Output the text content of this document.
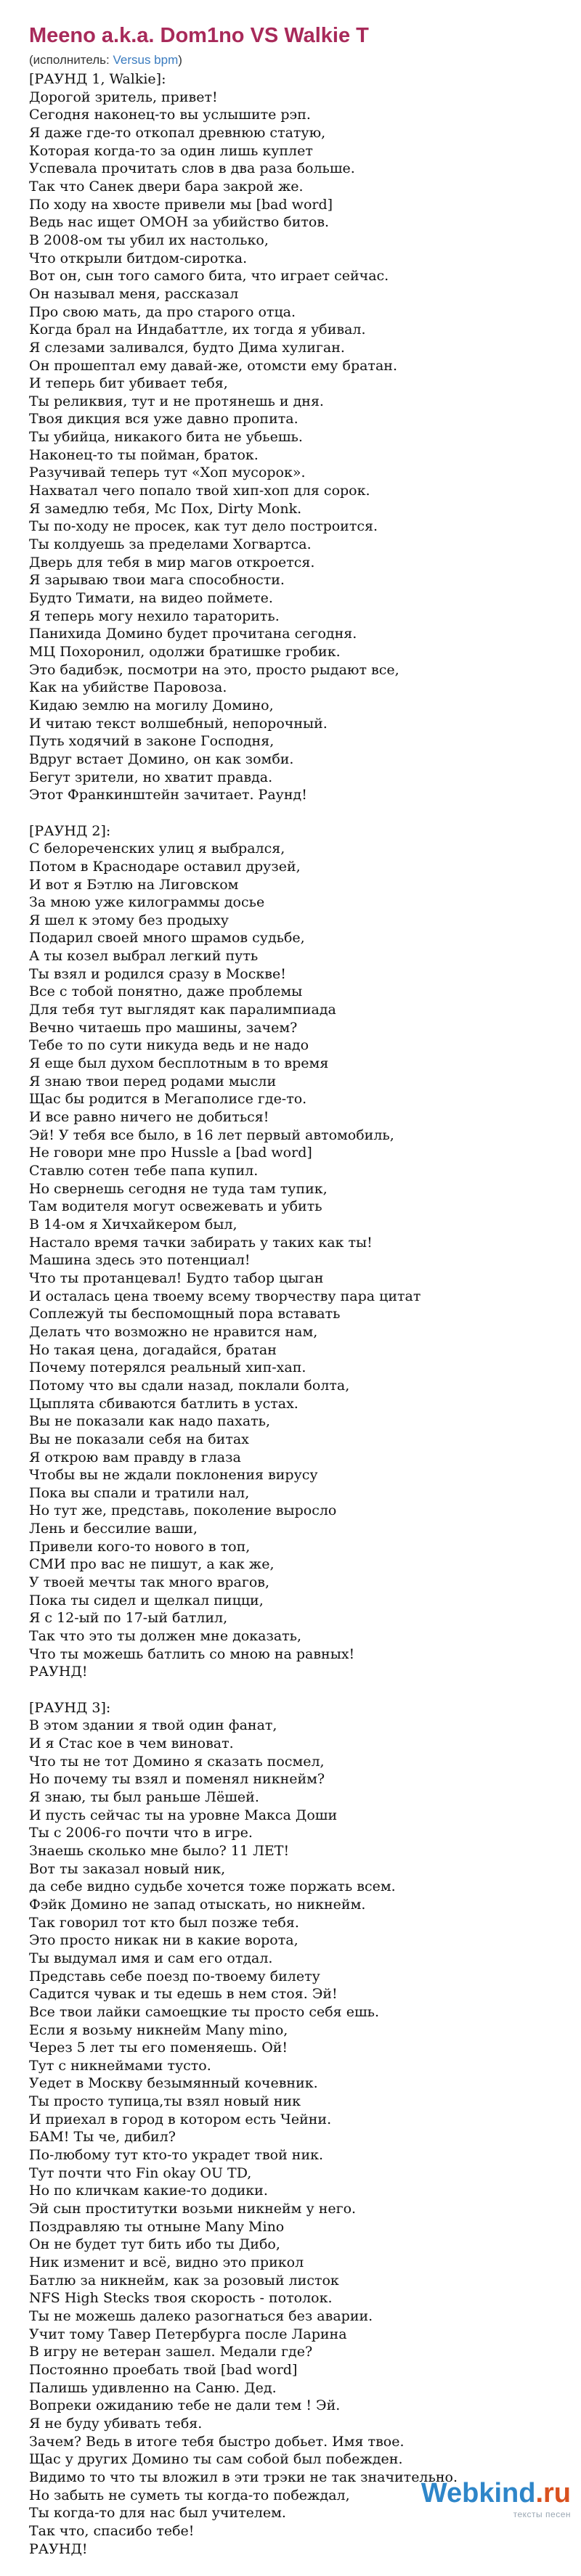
Meeno a.k.a. Dom1no VS Walkie T
(исполнитель: Versus bpm)
[РАУНД 1, Walkie]:
Дорогой зритель, привет!
Сегодня наконец-то вы услышите рэп.
Я даже где-то откопал древнюю статую,
Которая когда-то за один лишь куплет
Успевала прочитать слов в два раза больше.
Так что Санек двери бара закрой же.
По ходу на хвосте привели мы [bad word]
Ведь нас ищет ОМОН за убийство битов.
В 2008-ом ты убил их настолько,
Что открыли битдом-сиротка.
Вот он, сын того самого бита, что играет сейчас.
Он называл меня, рассказал
Про свою мать, да про старого отца.
Когда брал на Индабаттле, их тогда я убивал.
Я слезами заливался, будто Дима хулиган.
Он прошептал ему давай-же, отомсти ему братан.
И теперь бит убивает тебя,
Ты реликвия, тут и не протянешь и дня.
Твоя дикция вся уже давно пропита.
Ты убийца, никакого бита не убьешь.
Наконец-то ты пойман, браток.
Разучивай теперь тут «Хоп мусорок».
Нахватал чего попало твой хип-хоп для сорок.
Я замедлю тебя, Mc Пох, Dirty Monk.
Ты по-ходу не просек, как тут дело построится.
Ты колдуешь за пределами Хогвартса.
Дверь для тебя в мир магов откроется.
Я зарываю твои мага способности.
Будто Тимати, на видео поймете.
Я теперь могу нехило тараторить.
Панихида Домино будет прочитана сегодня.
МЦ Похоронил, одолжи братишке гробик.
Это бадибэк, посмотри на это, просто рыдают все,
Как на убийстве Паровоза.
Кидаю землю на могилу Домино,
И читаю текст волшебный, непорочный.
Путь ходячий в законе Господня,
Вдруг встает Домино, он как зомби.
Бегут зрители, но хватит правда.
Этот Франкинштейн зачитает. Раунд!
[РАУНД 2]:
С белореченских улиц я выбрался,
Потом в Краснодаре оставил друзей,
И вот я Бэтлю на Лиговском
За мною уже килограммы досье
Я шел к этому без продыху
Подарил своей много шрамов судьбе,
А ты козел выбрал легкий путь
Ты взял и родился сразу в Москве!
Все с тобой понятно, даже проблемы
Для тебя тут выглядят как паралимпиада
Вечно читаешь про машины, зачем?
Тебе то по сути никуда ведь и не надо
Я еще был духом бесплотным в то время
Я знаю твои перед родами мысли
Щас бы родится в Мегаполисе где-то.
И все равно ничего не добиться!
Эй! У тебя все было, в 16 лет первый автомобиль,
Не говори мне про Hussle а [bad word]
Ставлю сотен тебе папа купил.
Но свернешь сегодня не туда там тупик,
Там водителя могут освежевать и убить
В 14-ом я Хичхайкером был,
Настало время тачки забирать у таких как ты!
Машина здесь это потенциал!
Что ты протанцевал! Будто табор цыган
И осталась цена твоему всему творчеству пара цитат
Соплежуй ты беспомощный пора вставать
Делать что возможно не нравится нам,
Но такая цена, догадайся, братан
Почему потерялся реальный хип-хап.
Потому что вы сдали назад, поклали болта,
Цыплята сбиваются батлить в устах.
Вы не показали как надо пахать,
Вы не показали себя на битах
Я открою вам правду в глаза
Чтобы вы не ждали поклонения вирусу
Пока вы спали и тратили нал,
Но тут же, представь, поколение выросло
Лень и бессилие ваши,
Привели кого-то нового в топ,
СМИ про вас не пишут, а как же,
У твоей мечты так много врагов,
Пока ты сидел и щелкал пицци,
Я с 12-ый по 17-ый батлил,
Так что это ты должен мне доказать,
Что ты можешь батлить со мною на равных!
РАУНД!
[РАУНД 3]:
В этом здании я твой один фанат,
И я Стас кое в чем виноват.
Что ты не тот Домино я сказать посмел,
Но почему ты взял и поменял никнейм?
Я знаю, ты был раньше Лёшей.
И пусть сейчас ты на уровне Макса Доши
Ты с 2006-го почти что в игре.
Знаешь сколько мне было? 11 ЛЕТ!
Вот ты заказал новый ник,
да себе видно судьбе хочется тоже поржать всем.
Фэйк Домино не запад отыскать, но никнейм.
Так говорил тот кто был позже тебя.
Это просто никак ни в какие ворота,
Ты выдумал имя и сам его отдал.
Представь себе поезд по-твоему билету
Садится чувак и ты едешь в нем стоя. Эй!
Все твои лайки самоещкие ты просто себя ешь.
Если я возьму никнейм Many mino,
Через 5 лет ты его поменяешь. Ой!
Тут с никнеймами тусто.
Уедет в Москву безымянный кочевник.
Ты просто тупица,ты взял новый ник
И приехал в город в котором есть Чейни.
БАМ! Ты че, дибил?
По-любому тут кто-то украдет твой ник.
Тут почти что Fin okay OU TD,
Но по кличкам какие-то додики.
Эй сын проститутки возьми никнейм у него.
Поздравляю ты отныне Many Mino
Он не будет тут бить ибо ты Дибо,
Ник изменит и всё, видно это прикол
Батлю за никнейм, как за розовый листок
NFS High Stecks твоя скорость - потолок.
Ты не можешь далеко разогнаться без аварии.
Учит тому Тавер Петербурга после Ларина
В игру не ветеран зашел. Медали где?
Постоянно проебать твой [bad word]
Палишь удивленно на Саню. Дед.
Вопреки ожиданию тебе не дали тем ! Эй.
Я не буду убивать тебя.
Зачем? Ведь в итоге тебя быстро добьет. Имя твое.
Щас у других Домино ты сам собой был побежден.
Видимо то что ты вложил в эти трэки не так значительно.
Но забыть не суметь ты когда-то побеждал,
Ты когда-то для нас был учителем.
Так что, спасибо тебе!
РАУНД!
Webkind.ru
тексты песен
